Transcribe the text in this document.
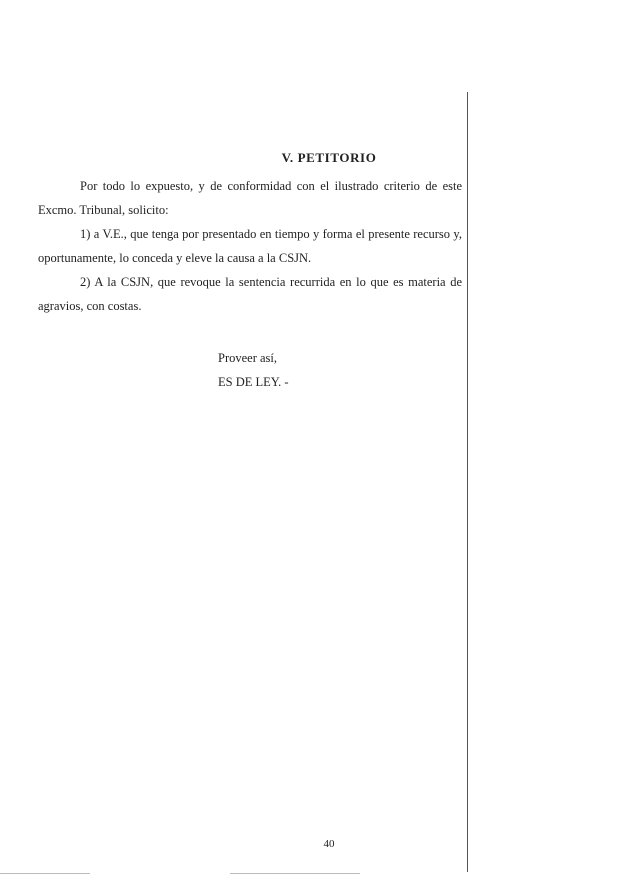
V. PETITORIO

Por todo lo expuesto, y de conformidad con el ilustrado criterio de este Excmo. Tribunal, solicito:

1) a V.E., que tenga por presentado en tiempo y forma el presente recurso y, oportunamente, lo conceda y eleve la causa a la CSJN.

2) A la CSJN, que revoque la sentencia recurrida en lo que es materia de agravios, con costas.

Proveer así,
ES DE LEY. -
40
